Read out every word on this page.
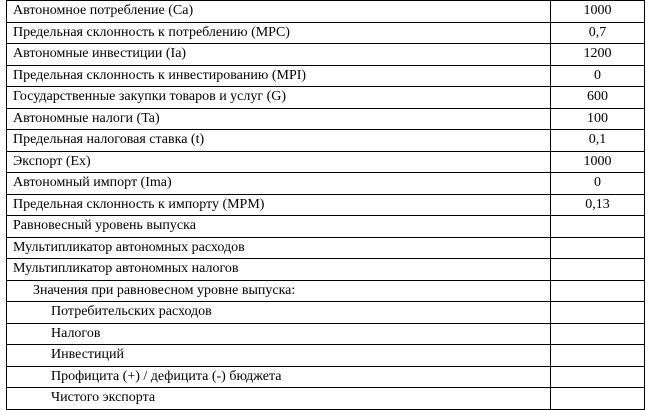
Автономное потребление (Ca)	1000
Предельная склонность к потреблению (MPC)	0,7
Автономные инвестиции (Ia)	1200
Предельная склонность к инвестированию (MPI)	0
Государственные закупки товаров и услуг (G)	600
Автономные налоги (Ta)	100
Предельная налоговая ставка (t)	0,1
Экспорт (Ex)	1000
Автономный импорт (Ima)	0
Предельная склонность к импорту (MPM)	0,13
Равновесный уровень выпуска	
Мультипликатор автономных расходов	
Мультипликатор автономных налогов	
Значения при равновесном уровне выпуска:	
Потребительских расходов	
Налогов	
Инвестиций	
Профицита (+) / дефицита (-) бюджета	
Чистого экспорта	
